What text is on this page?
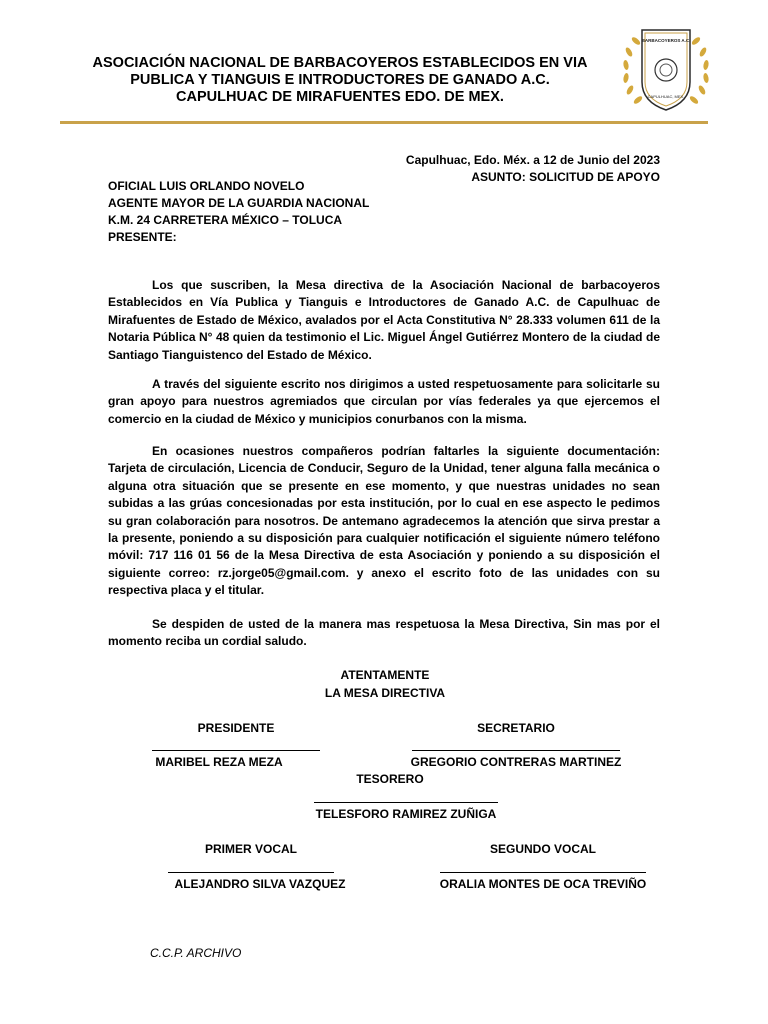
ASOCIACIÓN NACIONAL DE BARBACOYEROS ESTABLECIDOS EN VIA
PUBLICA Y TIANGUIS E INTRODUCTORES DE GANADO A.C.
CAPULHUAC DE MIRAFUENTES EDO. DE MEX.
BARBACOYEROS A.C.
CAPULHUAC, MEX.
Capulhuac, Edo. Méx. a 12 de Junio del 2023
ASUNTO: SOLICITUD DE APOYO
OFICIAL LUIS ORLANDO NOVELO
AGENTE MAYOR DE LA GUARDIA NACIONAL
K.M. 24 CARRETERA MÉXICO – TOLUCA
PRESENTE:

Los que suscriben, la Mesa directiva de la Asociación Nacional de barbacoyeros Establecidos en Vía Publica y Tianguis e Introductores de Ganado A.C. de Capulhuac de Mirafuentes de Estado de México, avalados por el Acta Constitutiva N° 28.333 volumen 611 de la Notaria Pública N° 48 quien da testimonio el Lic. Miguel Ángel Gutiérrez Montero de la ciudad de Santiago Tianguistenco del Estado de México.

A través del siguiente escrito nos dirigimos a usted respetuosamente para solicitarle su gran apoyo para nuestros agremiados que circulan por vías federales ya que ejercemos el comercio en la ciudad de México y municipios conurbanos con la misma.

En ocasiones nuestros compañeros podrían faltarles la siguiente documentación: Tarjeta de circulación, Licencia de Conducir, Seguro de la Unidad, tener alguna falla mecánica o alguna otra situación que se presente en ese momento, y que nuestras unidades no sean subidas a las grúas concesionadas por esta institución, por lo cual en ese aspecto le pedimos su gran colaboración para nosotros. De antemano agradecemos la atención que sirva prestar a la presente, poniendo a su disposición para cualquier notificación el siguiente número teléfono móvil: 717 116 01 56 de la Mesa Directiva de esta Asociación y poniendo a su disposición el siguiente correo: rz.jorge05@gmail.com. y anexo el escrito foto de las unidades con su respectiva placa y el titular.

Se despiden de usted de la manera mas respetuosa la Mesa Directiva, Sin mas por el momento reciba un cordial saludo.

ATENTAMENTE
LA MESA DIRECTIVA
PRESIDENTE
MARIBEL REZA MEZA
SECRETARIO
GREGORIO CONTRERAS MARTINEZ
TESORERO
TELESFORO RAMIREZ ZUÑIGA
PRIMER VOCAL
ALEJANDRO SILVA VAZQUEZ
SEGUNDO VOCAL
ORALIA MONTES DE OCA TREVIÑO
C.C.P. ARCHIVO
